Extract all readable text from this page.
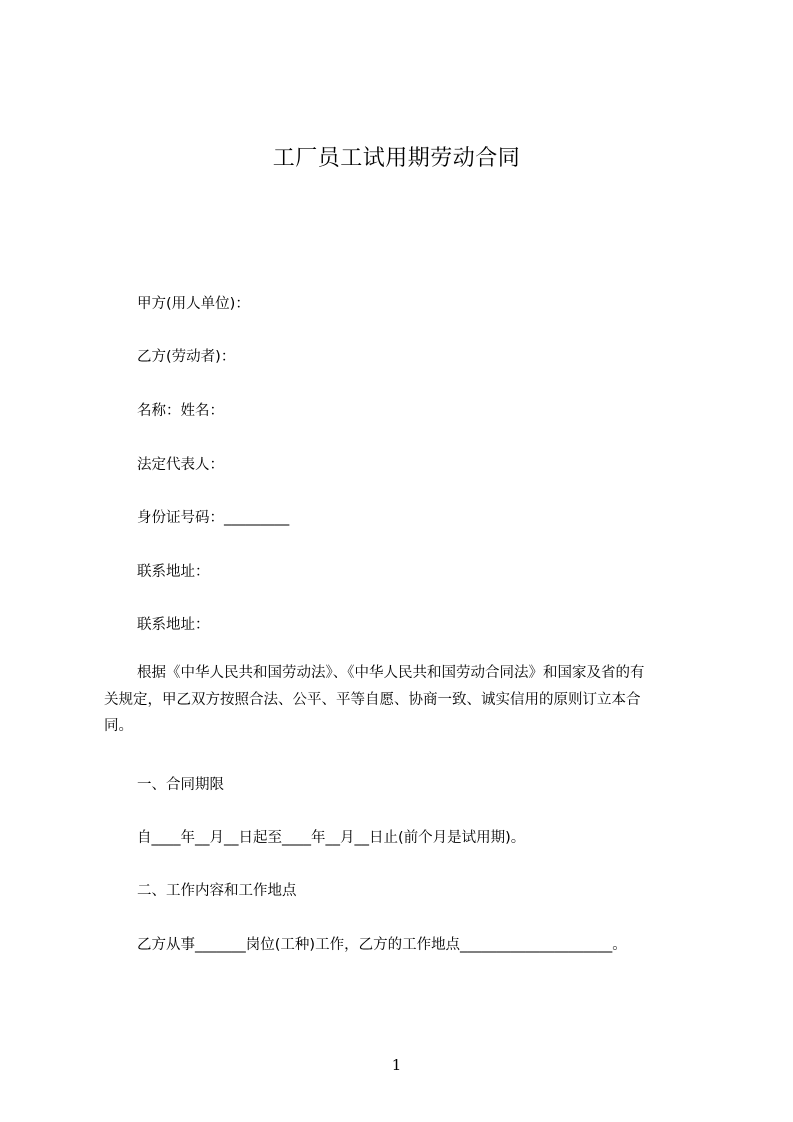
工厂员工试用期劳动合同
甲方(用人单位)：
乙方(劳动者)：
名称：姓名：
法定代表人：
身份证号码：_________
联系地址：
联系地址：
根据《中华人民共和国劳动法》、《中华人民共和国劳动合同法》和国家及省的有
关规定，甲乙双方按照合法、公平、平等自愿、协商一致、诚实信用的原则订立本合
同。
一、合同期限
自____年__月__日起至____年__月__日止(前个月是试用期)。
二、工作内容和工作地点
乙方从事_______岗位(工种)工作，乙方的工作地点_____________________。
1
